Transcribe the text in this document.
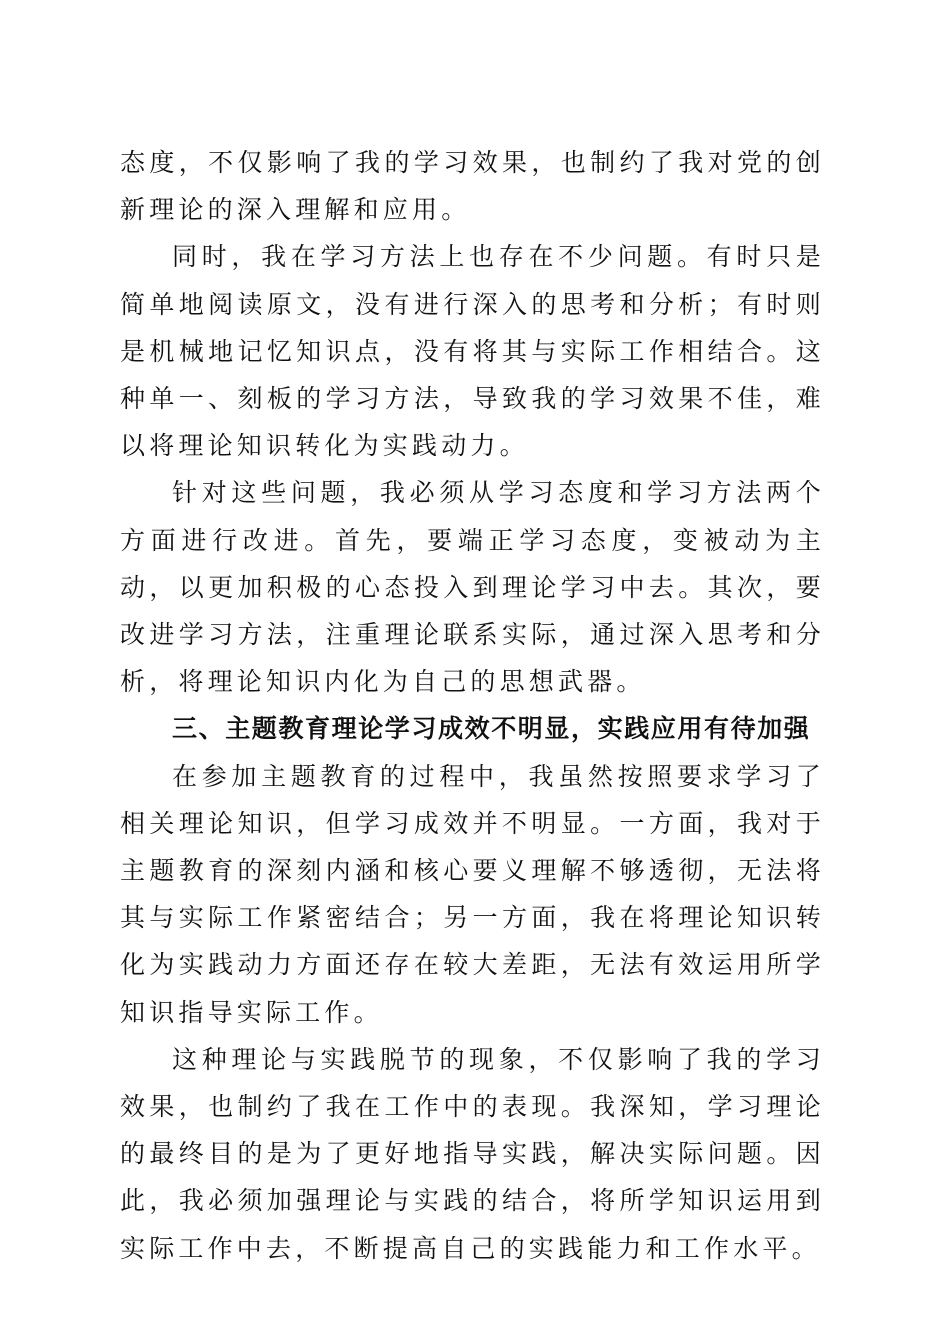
态度，不仅影响了我的学习效果，也制约了我对党的创新理论的深入理解和应用。

同时，我在学习方法上也存在不少问题。有时只是简单地阅读原文，没有进行深入的思考和分析；有时则是机械地记忆知识点，没有将其与实际工作相结合。这种单一、刻板的学习方法，导致我的学习效果不佳，难以将理论知识转化为实践动力。

针对这些问题，我必须从学习态度和学习方法两个方面进行改进。首先，要端正学习态度，变被动为主动，以更加积极的心态投入到理论学习中去。其次，要改进学习方法，注重理论联系实际，通过深入思考和分析，将理论知识内化为自己的思想武器。

三、主题教育理论学习成效不明显，实践应用有待加强

在参加主题教育的过程中，我虽然按照要求学习了相关理论知识，但学习成效并不明显。一方面，我对于主题教育的深刻内涵和核心要义理解不够透彻，无法将其与实际工作紧密结合；另一方面，我在将理论知识转化为实践动力方面还存在较大差距，无法有效运用所学知识指导实际工作。

这种理论与实践脱节的现象，不仅影响了我的学习效果，也制约了我在工作中的表现。我深知，学习理论的最终目的是为了更好地指导实践，解决实际问题。因此，我必须加强理论与实践的结合，将所学知识运用到实际工作中去，不断提高自己的实践能力和工作水平。
